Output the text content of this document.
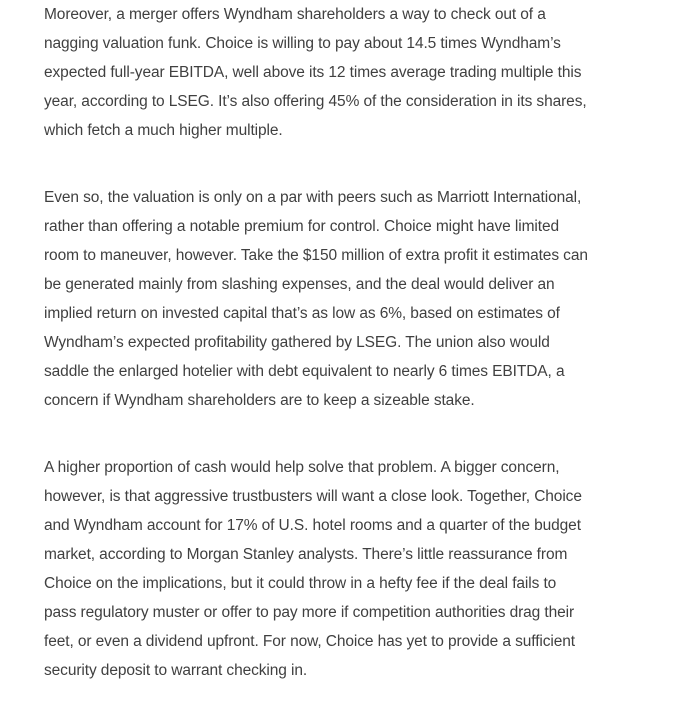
Moreover, a merger offers Wyndham shareholders a way to check out of a
nagging valuation funk. Choice is willing to pay about 14.5 times Wyndham’s
expected full-year EBITDA, well above its 12 times average trading multiple this
year, according to LSEG. It’s also offering 45% of the consideration in its shares,
which fetch a much higher multiple.

Even so, the valuation is only on a par with peers such as Marriott International,
rather than offering a notable premium for control. Choice might have limited
room to maneuver, however. Take the $150 million of extra profit it estimates can
be generated mainly from slashing expenses, and the deal would deliver an
implied return on invested capital that’s as low as 6%, based on estimates of
Wyndham’s expected profitability gathered by LSEG. The union also would
saddle the enlarged hotelier with debt equivalent to nearly 6 times EBITDA, a
concern if Wyndham shareholders are to keep a sizeable stake.

A higher proportion of cash would help solve that problem. A bigger concern,
however, is that aggressive trustbusters will want a close look. Together, Choice
and Wyndham account for 17% of U.S. hotel rooms and a quarter of the budget
market, according to Morgan Stanley analysts. There’s little reassurance from
Choice on the implications, but it could throw in a hefty fee if the deal fails to
pass regulatory muster or offer to pay more if competition authorities drag their
feet, or even a dividend upfront. For now, Choice has yet to provide a sufficient
security deposit to warrant checking in.
